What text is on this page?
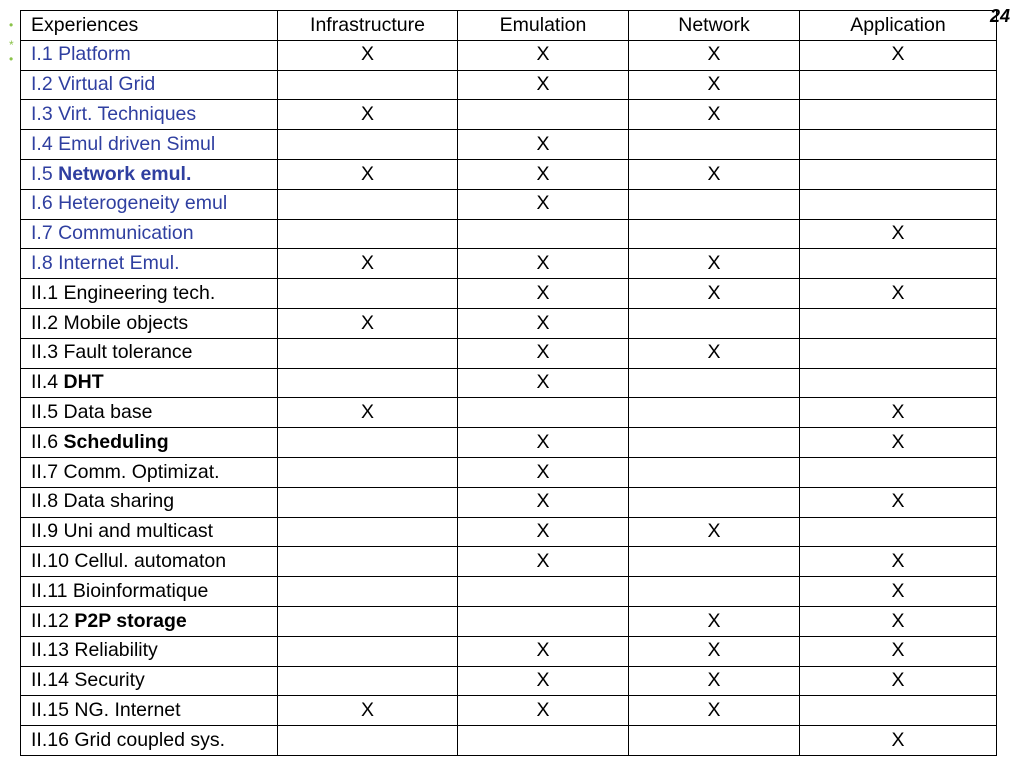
24
•
*
•
Experiences	Infrastructure	Emulation	Network	Application
I.1 Platform	X	X	X	X
I.2 Virtual Grid		X	X	
I.3 Virt. Techniques	X		X	
I.4 Emul driven Simul		X		
I.5 Network emul.	X	X	X	
I.6 Heterogeneity emul		X		
I.7 Communication				X
I.8 Internet Emul.	X	X	X	
II.1 Engineering tech.		X	X	X
II.2 Mobile objects	X	X		
II.3 Fault tolerance		X	X	
II.4 DHT		X		
II.5 Data base	X			X
II.6 Scheduling		X		X
II.7 Comm. Optimizat.		X		
II.8 Data sharing		X		X
II.9 Uni and multicast		X	X	
II.10 Cellul. automaton		X		X
II.11 Bioinformatique				X
II.12 P2P storage			X	X
II.13 Reliability		X	X	X
II.14 Security		X	X	X
II.15 NG. Internet	X	X	X	
II.16 Grid coupled sys.				X
